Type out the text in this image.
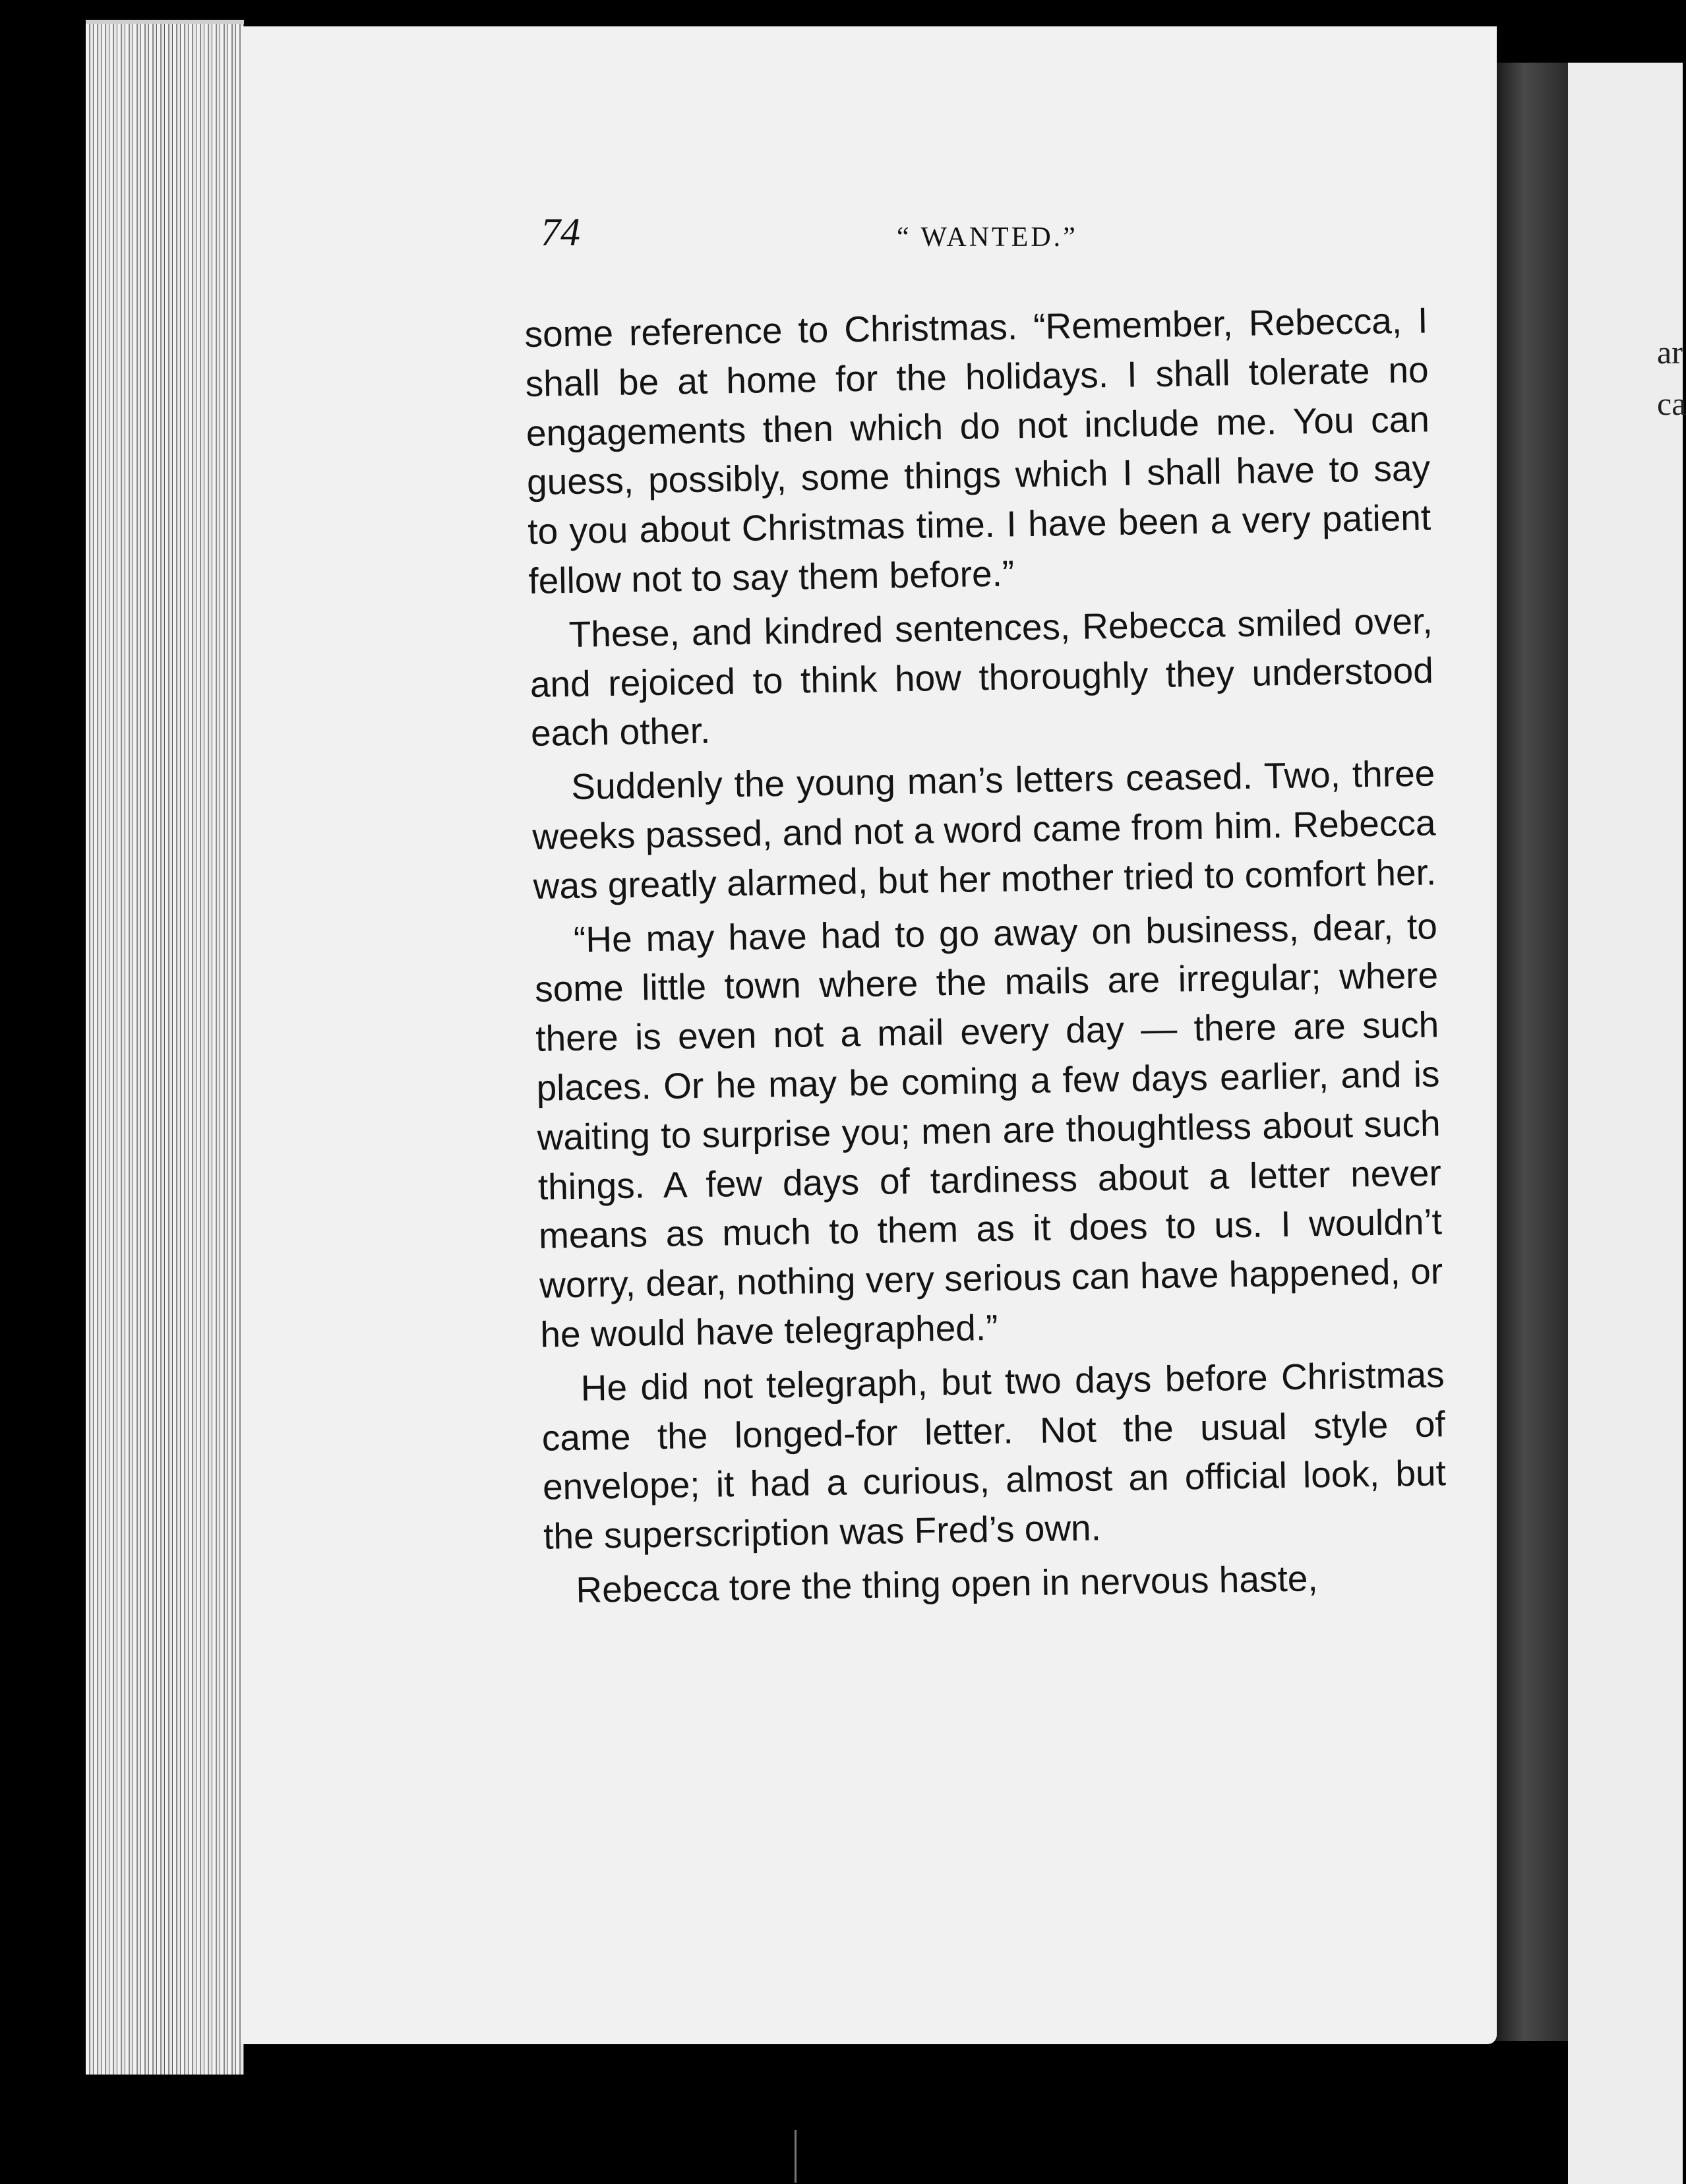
ar
ca
74	“ WANTED.”

some reference to Christmas. “Remember, Rebecca, I shall be at home for the holidays. I shall tolerate no engagements then which do not include me. You can guess, possibly, some things which I shall have to say to you about Christmas time. I have been a very patient fellow not to say them before.”

These, and kindred sentences, Rebecca smiled over, and rejoiced to think how thoroughly they understood each other.

Suddenly the young man’s letters ceased. Two, three weeks passed, and not a word came from him. Rebecca was greatly alarmed, but her mother tried to comfort her.

“He may have had to go away on business, dear, to some little town where the mails are irregular; where there is even not a mail every day — there are such places. Or he may be coming a few days earlier, and is waiting to surprise you; men are thoughtless about such things. A few days of tardiness about a letter never means as much to them as it does to us. I wouldn’t worry, dear, nothing very serious can have happened, or he would have telegraphed.”

He did not telegraph, but two days before Christmas came the longed-for letter. Not the usual style of envelope; it had a curious, almost an official look, but the superscription was Fred’s own.

Rebecca tore the thing open in nervous haste,
